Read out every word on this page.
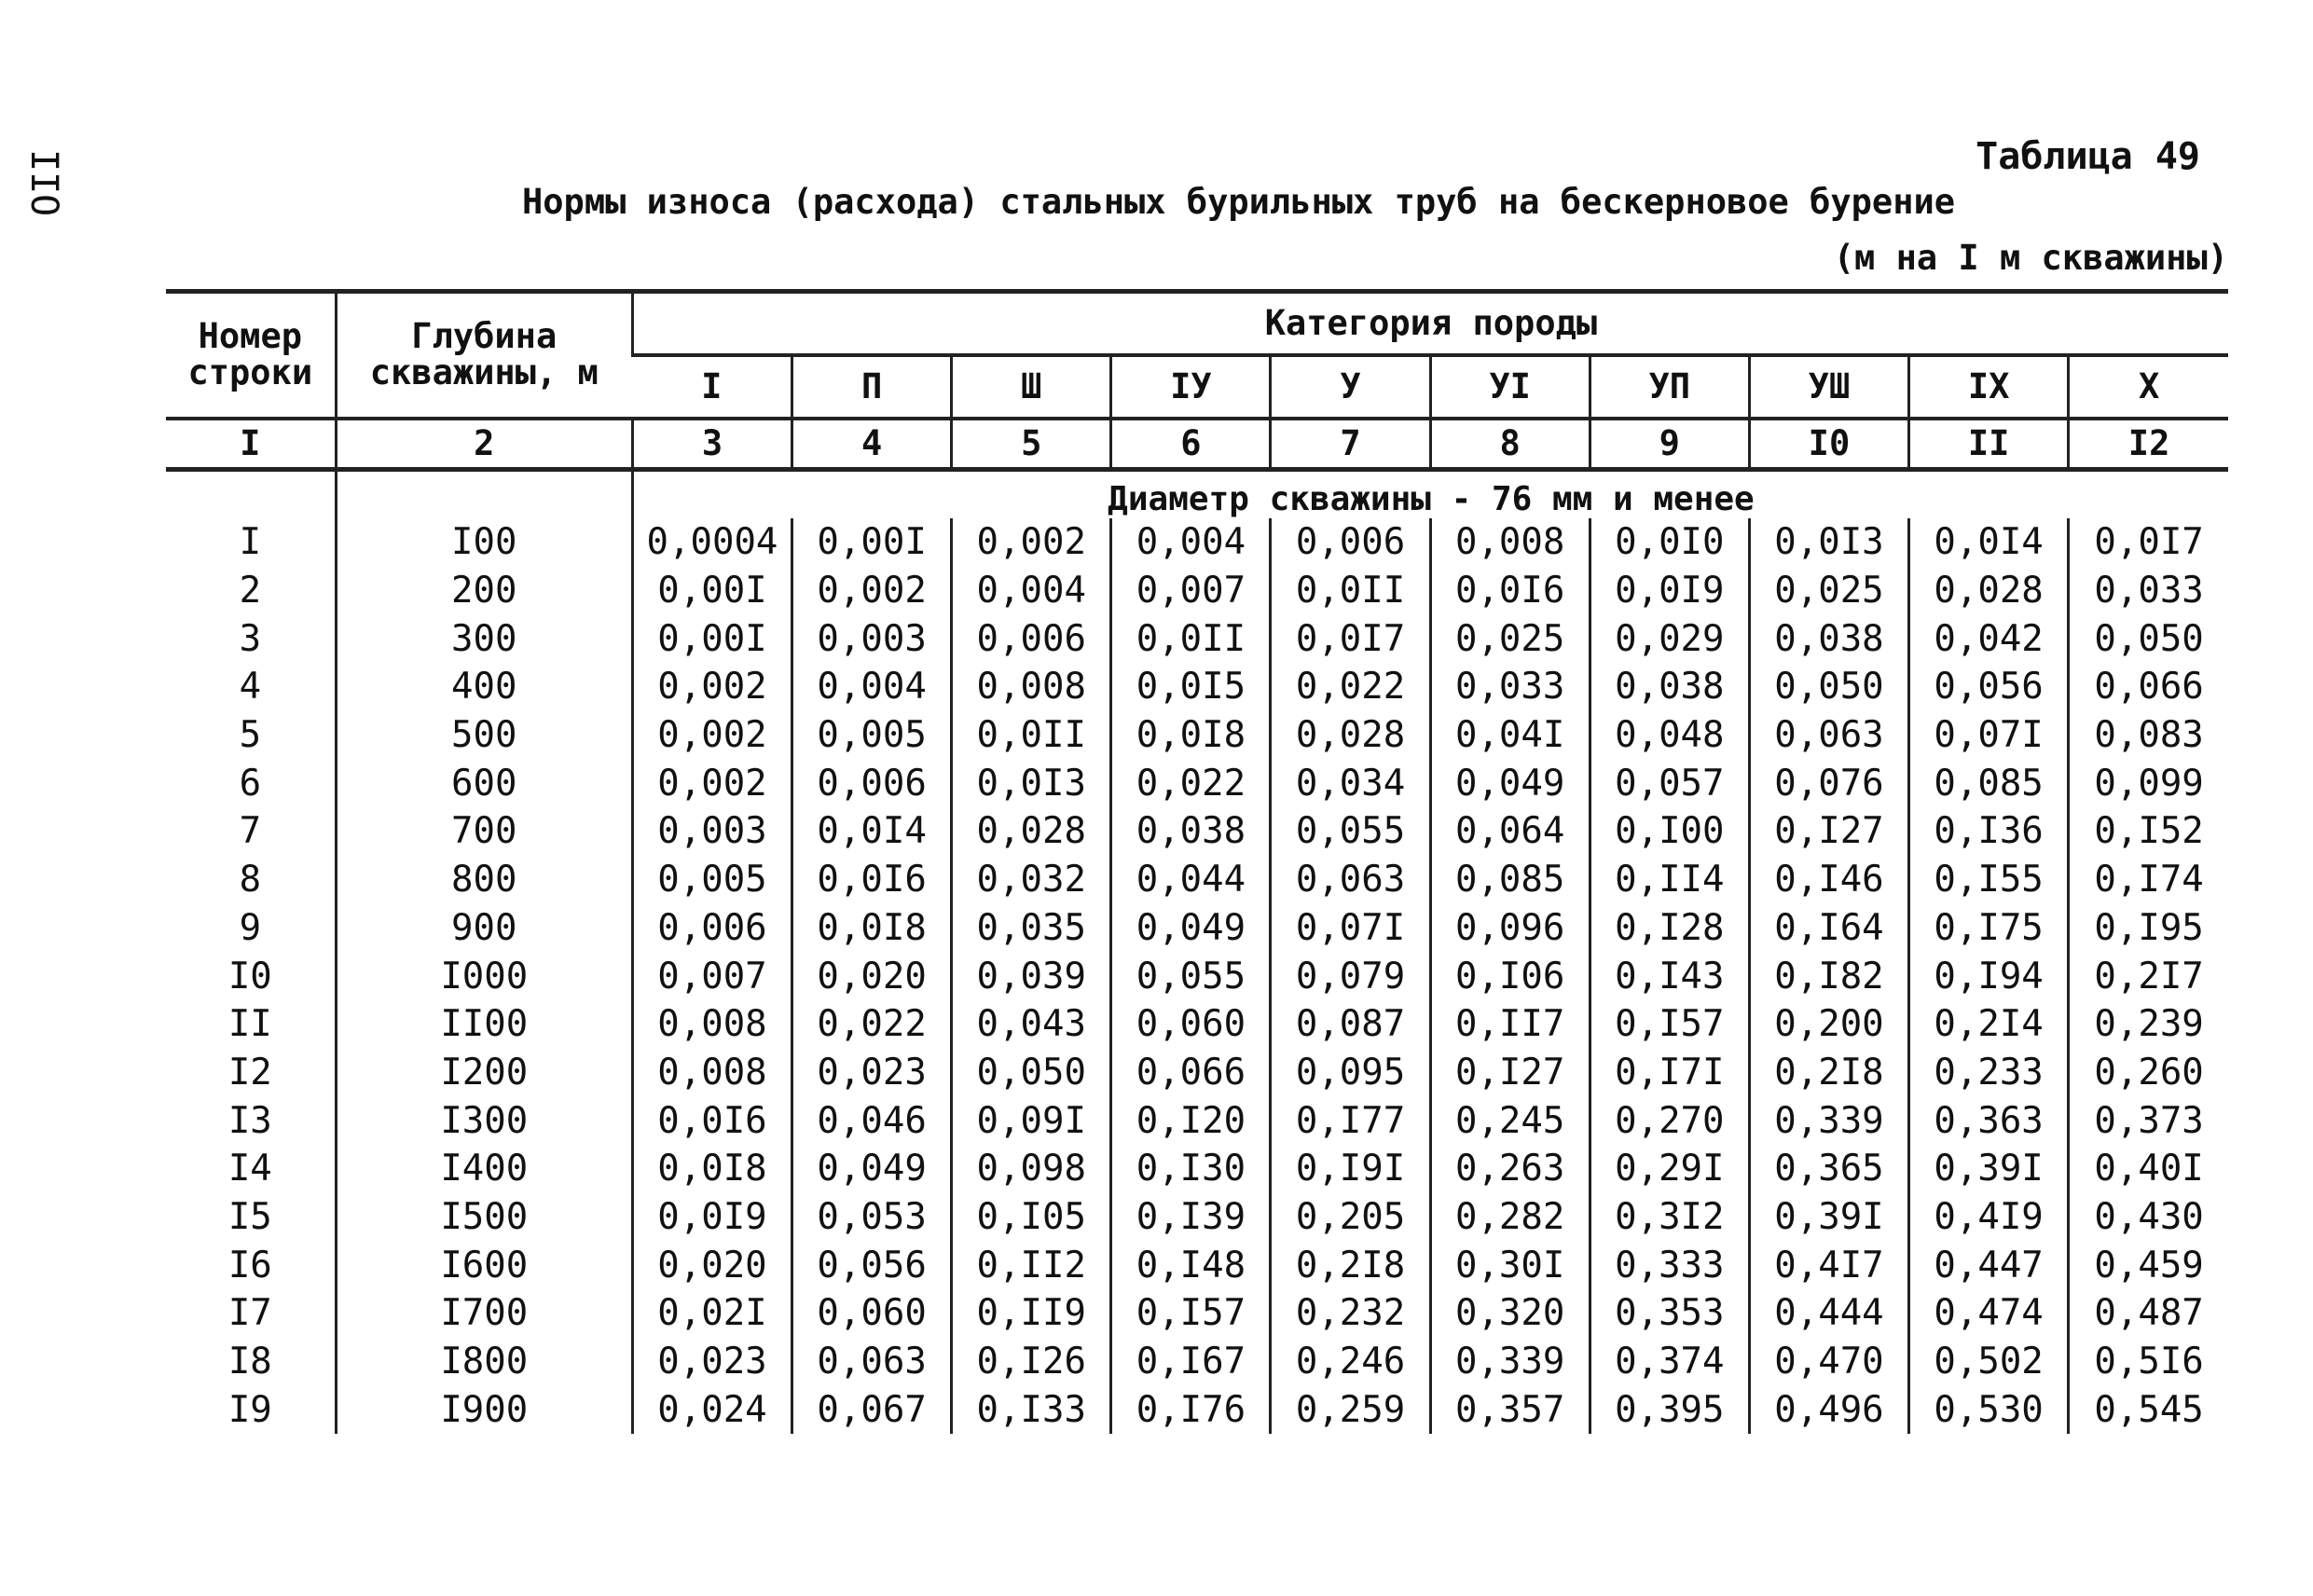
IIO	Таблица 49
Нормы износа (расхода) стальных бурильных труб на бескерновое бурение
(м на I м скважины)
Номер строки	Глубина скважины, м	Категория породы									
		I	П	Ш	IУ	У	УI	УП	УШ	IX	X
I	2	3	4	5	6	7	8	9	I0	II	I2
		Диаметр скважины - 76 мм и менее									
I	I00	0,0004	0,00I	0,002	0,004	0,006	0,008	0,0I0	0,0I3	0,0I4	0,0I7
2	200	0,00I	0,002	0,004	0,007	0,0II	0,0I6	0,0I9	0,025	0,028	0,033
3	300	0,00I	0,003	0,006	0,0II	0,0I7	0,025	0,029	0,038	0,042	0,050
4	400	0,002	0,004	0,008	0,0I5	0,022	0,033	0,038	0,050	0,056	0,066
5	500	0,002	0,005	0,0II	0,0I8	0,028	0,04I	0,048	0,063	0,07I	0,083
6	600	0,002	0,006	0,0I3	0,022	0,034	0,049	0,057	0,076	0,085	0,099
7	700	0,003	0,0I4	0,028	0,038	0,055	0,064	0,I00	0,I27	0,I36	0,I52
8	800	0,005	0,0I6	0,032	0,044	0,063	0,085	0,II4	0,I46	0,I55	0,I74
9	900	0,006	0,0I8	0,035	0,049	0,07I	0,096	0,I28	0,I64	0,I75	0,I95
I0	I000	0,007	0,020	0,039	0,055	0,079	0,I06	0,I43	0,I82	0,I94	0,2I7
II	II00	0,008	0,022	0,043	0,060	0,087	0,II7	0,I57	0,200	0,2I4	0,239
I2	I200	0,008	0,023	0,050	0,066	0,095	0,I27	0,I7I	0,2I8	0,233	0,260
I3	I300	0,0I6	0,046	0,09I	0,I20	0,I77	0,245	0,270	0,339	0,363	0,373
I4	I400	0,0I8	0,049	0,098	0,I30	0,I9I	0,263	0,29I	0,365	0,39I	0,40I
I5	I500	0,0I9	0,053	0,I05	0,I39	0,205	0,282	0,3I2	0,39I	0,4I9	0,430
I6	I600	0,020	0,056	0,II2	0,I48	0,2I8	0,30I	0,333	0,4I7	0,447	0,459
I7	I700	0,02I	0,060	0,II9	0,I57	0,232	0,320	0,353	0,444	0,474	0,487
I8	I800	0,023	0,063	0,I26	0,I67	0,246	0,339	0,374	0,470	0,502	0,5I6
I9	I900	0,024	0,067	0,I33	0,I76	0,259	0,357	0,395	0,496	0,530	0,545
